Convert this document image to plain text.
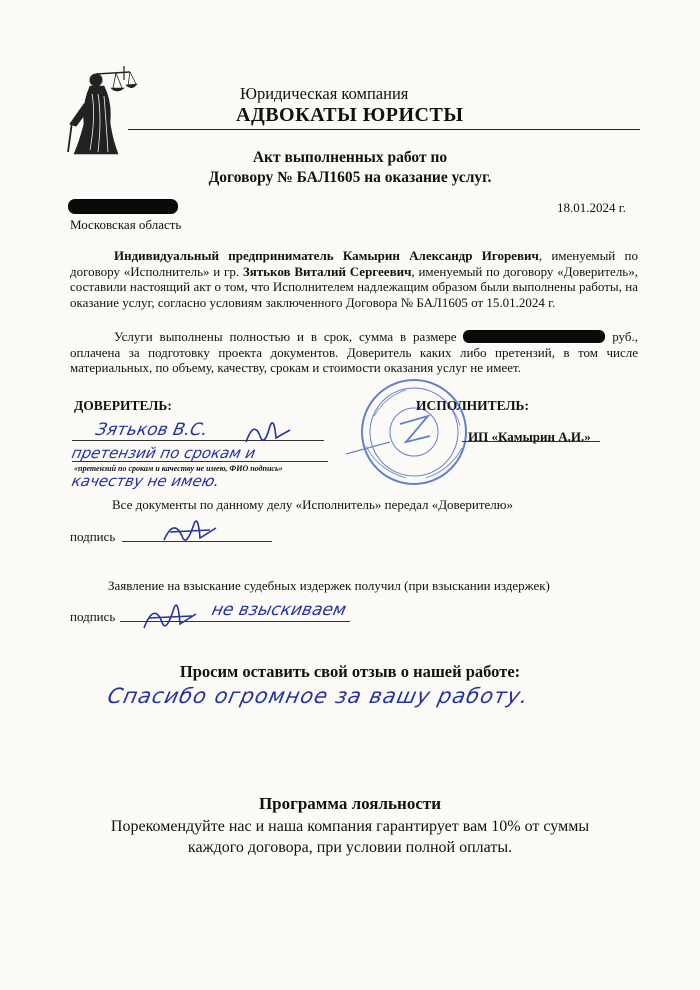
Юридическая компания
АДВОКАТЫ ЮРИСТЫ
Акт выполненных работ по
Договору № БАЛ1605 на оказание услуг.
18.01.2024 г.
Московская область
Индивидуальный предприниматель Камырин Александр Игоревич, именуемый по договору «Исполнитель» и гр. Зятьков Виталий Сергеевич, именуемый по договору «Доверитель», составили настоящий акт о том, что Исполнителем надлежащим образом были выполнены работы, на оказание услуг, согласно условиям заключенного Договора № БАЛ1605 от 15.01.2024 г.
Услуги выполнены полностью и в срок, сумма в размере	руб., оплачена за подготовку проекта документов. Доверитель каких либо претензий, в том числе материальных, по объему, качеству, срокам и стоимости оказания услуг не имеет.
ДОВЕРИТЕЛЬ:	ИСПОЛНИТЕЛЬ:
ИП «Камырин А.И.»
Зятьков В.С.
претензий по срокам и
«претензий по срокам и качеству не имею, ФИО подпись»
качеству не имею.
Все документы по данному делу «Исполнитель» передал «Доверителю»
подпись
Заявление на взыскание судебных издержек получил (при взыскании издержек)
подпись	не взыскиваем
Просим оставить свой отзыв о нашей работе:
Спасибо огромное за вашу работу.
Программа лояльности
Порекомендуйте нас и наша компания гарантирует вам 10% от суммы
каждого договора, при условии полной оплаты.
